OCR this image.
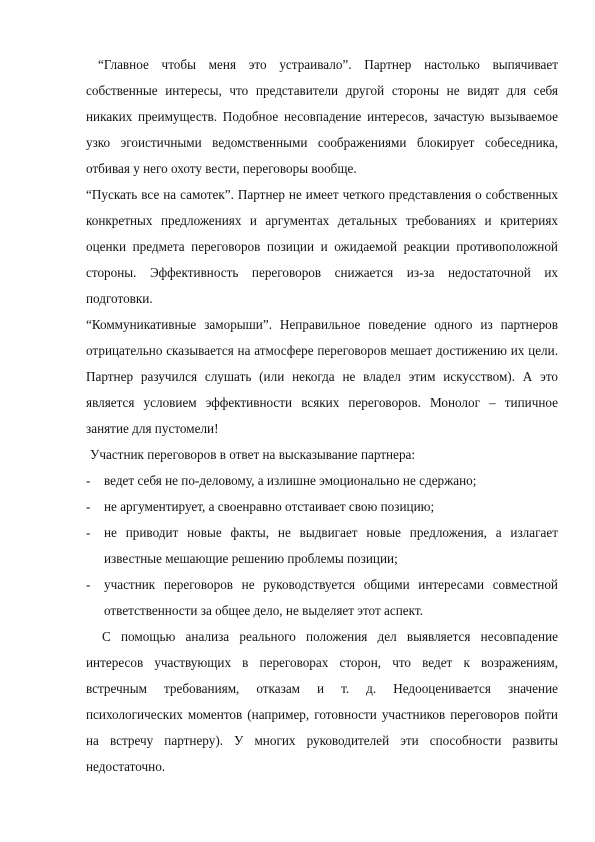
“Главное чтобы меня это устраивало”. Партнер настолько выпячивает собственные интересы, что представители другой стороны не видят для себя никаких преимуществ. Подобное несовпадение интересов, зачастую вызываемое узко эгоистичными ведомственными соображениями блокирует собеседника, отбивая у него охоту вести, переговоры вообще.

“Пускать все на самотек”. Партнер не имеет четкого представления о собственных конкретных предложениях и аргументах детальных требованиях и критериях оценки предмета переговоров позиции и ожидаемой реакции противоположной стороны. Эффективность переговоров снижается из-за недостаточной их подготовки.

“Коммуникативные заморыши”. Неправильное поведение одного из партнеров отрицательно сказывается на атмосфере переговоров мешает достижению их цели. Партнер разучился слушать (или некогда не владел этим искусством). А это является условием эффективности всяких переговоров. Монолог – типичное занятие для пустомели!

Участник переговоров в ответ на высказывание партнера:

- ведет себя не по-деловому, а излишне эмоционально не сдержано;
- не аргументирует, а своенравно отстаивает свою позицию;
- не приводит новые факты, не выдвигает новые предложения, а излагает известные мешающие решению проблемы позиции;
- участник переговоров не руководствуется общими интересами совместной ответственности за общее дело, не выделяет этот аспект.

С помощью анализа реального положения дел выявляется несовпадение интересов участвующих в переговорах сторон, что ведет к возражениям, встречным требованиям, отказам и т. д. Недооценивается значение психологических моментов (например, готовности участников переговоров пойти на встречу партнеру). У многих руководителей эти способности развиты недостаточно.
